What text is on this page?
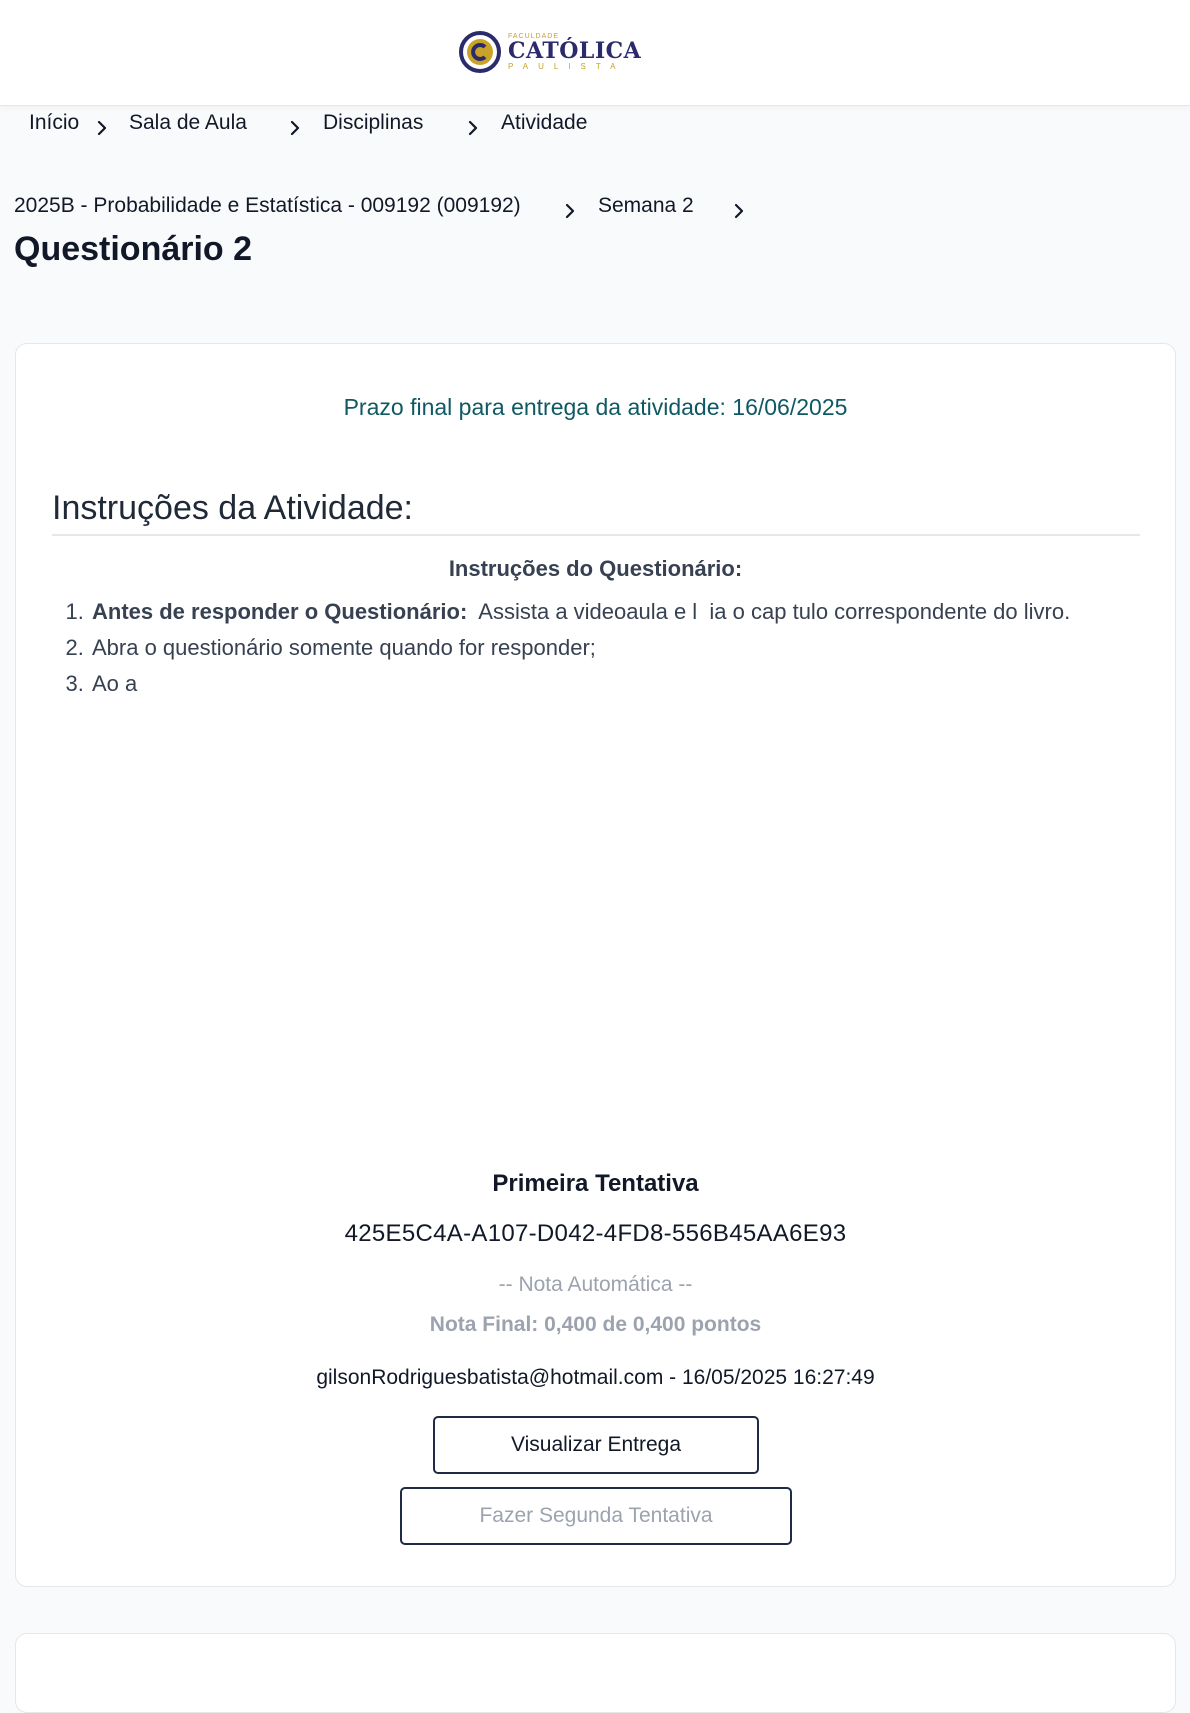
FACULDADE
CATÓLICA
PAULISTA
Início Sala de Aula	Disciplinas	Atividade
2025B - Probabilidade e Estatística - 009192 (009192)	Semana 2
Questionário 2
Prazo final para entrega da atividade: 16/06/2025
Instruções da Atividade:
Instruções do Questionário:
1. Antes de responder o Questionário:  Assista a videoaula e l  ia o cap tulo correspondente do livro.
2. Abra o questionário somente quando for responder;
3. Ao a
Primeira Tentativa
425E5C4A-A107-D042-4FD8-556B45AA6E93
-- Nota Automática --
Nota Final: 0,400 de 0,400 pontos
gilsonRodriguesbatista@hotmail.com - 16/05/2025 16:27:49
Visualizar Entrega
Fazer Segunda Tentativa
